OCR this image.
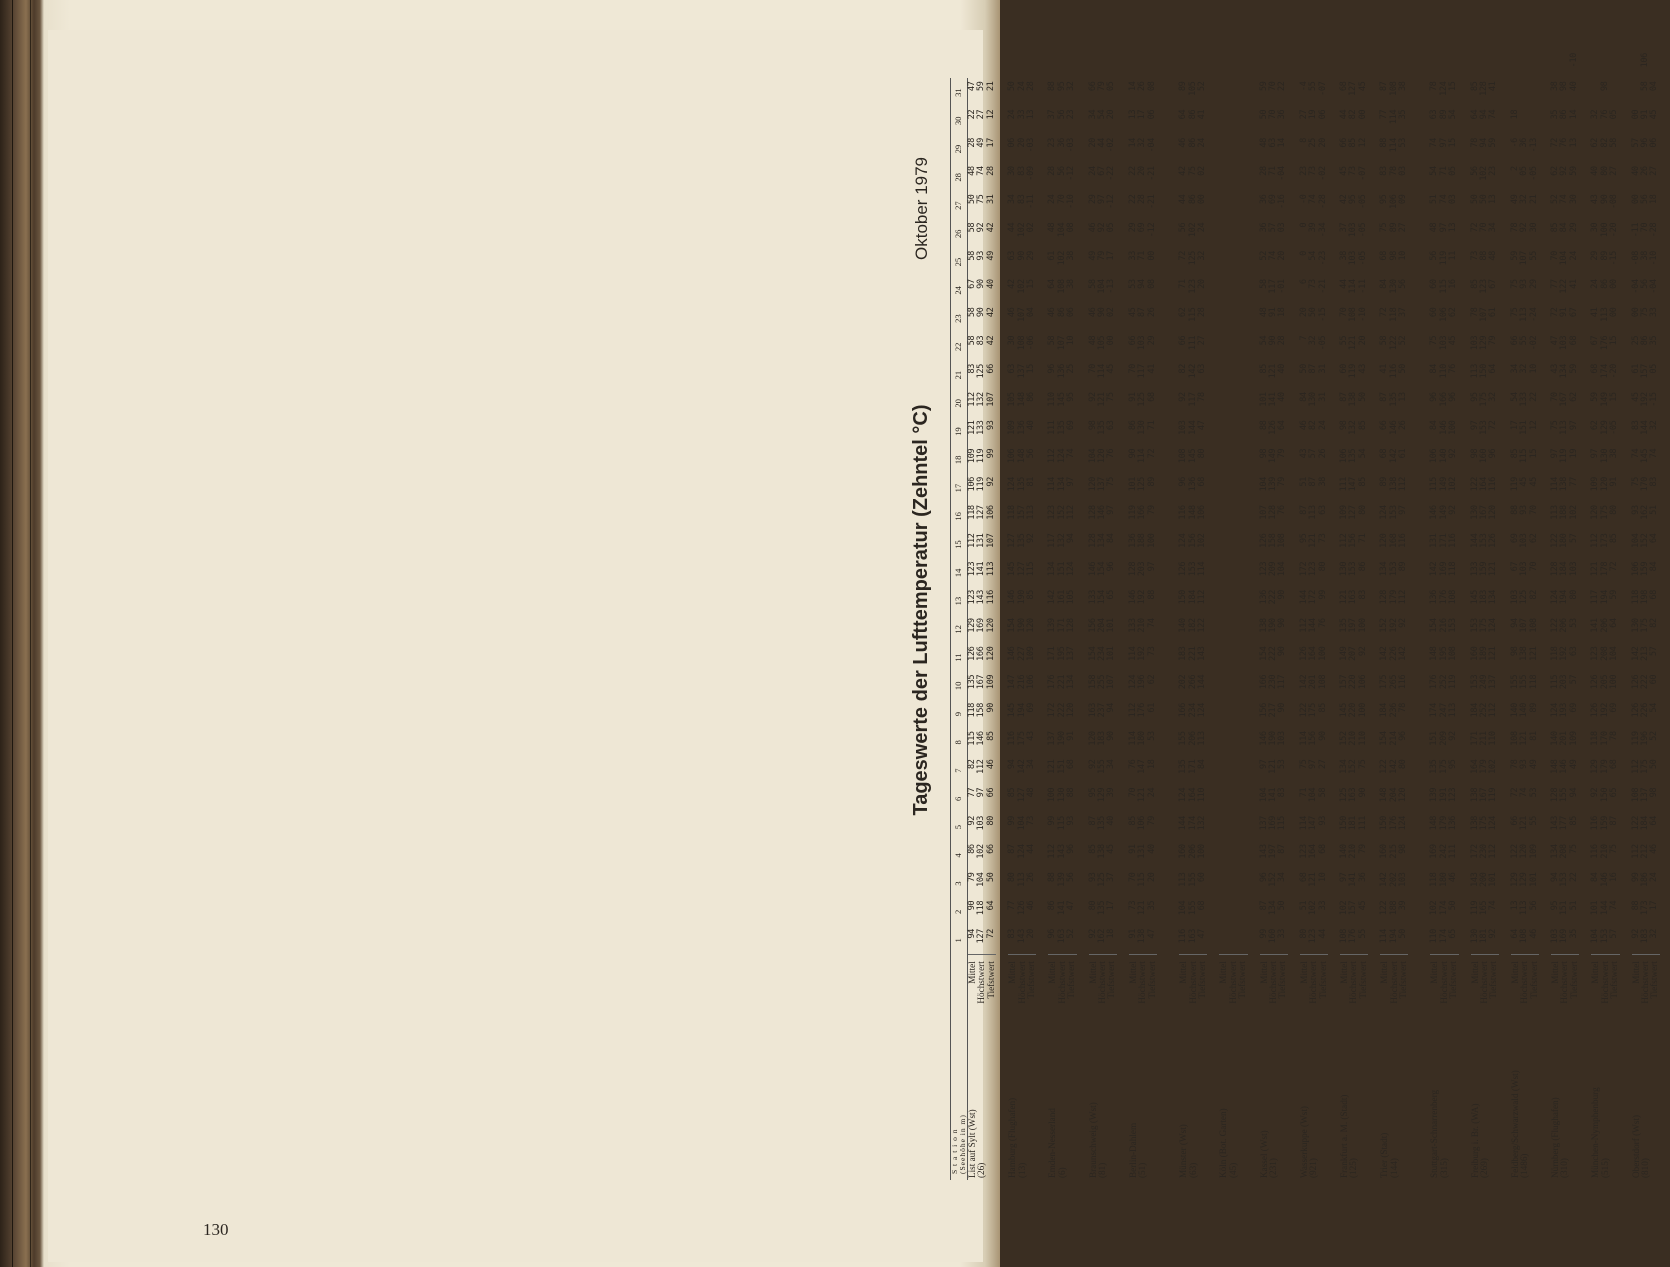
130
Tageswerte der Lufttemperatur (Zehntel °C)
Oktober 1979
S t a t i o n
(Seehöhe in m)		1	2	3	4	5	6	7	8	9	10	11	12	13	14	15	16	17	18	19	20	21	22	23	24	25	26	27	28	29	30	31	
List auf Sylt (Wst)	Mittel	94	90	79	86	92	77	82	115	118	135	126	129	123	123	112	118	106	109	121	112	83	58	58	67	58	58	50	48	28	22	47	
(26)	Höchstwert	127	118	104	102	103	97	112	146	158	167	166	169	143	141	131	127	119	119	133	132	125	83	90	90	93	92	75	74	49	27	59	
	Tiefstwert	72	64	50	66	80	66	46	85	90	109	120	120	116	113	107	106	92	99	93	107	66	42	42	40	49	42	31	28	17	12	21	

Hamburg (Flughafen)	Mittel	83	77	80	87	99	85	94	116	145	147	146	154	146	145	127	118	124	106	109	105	63	30	46	42	63	44	34	30	06	24	50	
(13)	Höchstwert	143	126	113	124	104	127	142	175	194	216	227	190	190	127	135	157	135	148	136	148	137	108	107	102	90	102	83	83	20	33	24	
	Tiefstwert	20	46	26	44	73	48	34	43	69	106	109	120	85	115	92	113	81	56	40	86	15	-06	04	15	29	02	-11	-09	-03	13	28	

Emden-Nesserland	Mittel	96	86	88	112	99	100	121	137	172	176	171	139	142	134	117	123	114	112	111	110	96	58	46	64	61	48	24	28	23	37	88	
(6)	Höchstwert	163	141	139	143	115	130	151	190	222	221	195	171	161	151	132	152	134	124	135	145	136	107	86	108	102	104	70	56	36	56	95	
	Tiefstwert	52	47	56	96	93	88	68	91	120	134	137	128	105	124	94	112	97	74	69	95	25	10	06	38	38	08	-10	-12	-03	23	32	

Braunschweig (Wst)	Mittel	92	80	93	85	87	95	92	120	163	158	154	156	133	146	128	128	120	104	98	92	70	48	46	58	49	46	29	24	20	34	66	
(81)	Höchstwert	162	135	125	138	135	129	155	183	237	255	234	204	154	154	134	146	137	120	135	121	114	105	90	104	79	92	97	67	44	54	79	
	Tiefstwert	18	17	37	45	40	39	34	90	94	107	101	101	65	96	84	97	75	76	63	75	45	00	02	-13	17	05	-12	-22	-02	20	05	

Berlin-Dahlem	Mittel	91	73	70	91	85	70	76	114	112	124	114	133	146	128	136	119	101	90	86	91	70	66	45	53	33	29	22	22	14	13	14	
(51)	Höchstwert	138	121	115	131	106	121	147	180	176	196	192	210	192	203	188	166	125	114	130	125	117	103	87	94	71	69	28	20	32	17	26	
	Tiefstwert	47	35	20	40	79	24	18	53	61	62	73	74	88	97	100	79	89	72	71	68	41	29	26	08	00	-12	-21	-21	-04	06	08	

Münster (Wst)	Mittel	116	104	113	160	144	124	135	155	166	202	183	140	150	126	124	116	96	108	103	92	82	66	62	71	72	56	44	42	46	64	89	
(63)	Höchstwert	163	155	155	206	174	164	171	206	234	266	221	182	184	153	156	148	136	145	144	117	142	111	115	123	125	102	86	75	86	86	105	
	Tiefstwert	47	68	60	100	132	110	84	113	124	144	143	122	112	114	102	106	68	80	47	78	63	27	28	20	32	24	00	02	24	41	52	

Köln (Bot. Garten)	Mittel																																
(45)	Höchstwert																																
	Tiefstwert																																

Kassel (Wst)	Mittel	99	87	96	143	137	104	97	146	156	166	154	138	136	123	126	107	104	98	88	101	85	54	48	58	52	36	36	28	48	50	59	
(231)	Höchstwert	160	134	152	197	169	141	121	190	217	230	222	190	222	209	158	128	139	149	126	141	121	90	91	117	74	57	69	71	63	70	70	
	Tiefstwert	33	50	34	87	115	83	53	103	90	117	90	90	90	104	108	76	79	79	64	40	40	28	18	-01	20	03	-16	-04	14	36	22	

Wasserkuppe (Wst)	Mittel	80	51	68	123	114	71	75	114	122	142	126	112	144	172	95	87	51	43	46	84	50	7	20	6	0	0	-0	23	8	27	-4	
(921)	Höchstwert	123	102	121	164	147	104	97	156	175	201	164	144	172	123	121	113	87	57	82	130	87	32	50	73	54	39	74	73	25	19	55	
	Tiefstwert	44	33	10	68	93	58	27	90	85	108	100	76	99	80	73	63	38	26	24	31	31	-05	-15	-21	-23	-34	-28	-02	20	06	-07	

Frankfurt a. M. (Stadt)	Mittel	108	102	97	140	150	125	134	152	145	157	149	135	121	130	112	109	111	106	98	87	60	55	70	44	38	37	42	45	66	44	68	
(125)	Höchstwert	176	157	141	210	181	163	152	210	220	220	207	197	163	153	156	127	147	135	132	138	119	121	108	114	103	103	95	73	85	82	127	
	Tiefstwert	55	45	36	79	111	90	75	110	100	106	92	100	83	86	71	80	85	54	85	50	43	20	-10	-11	-05	-05	-05	-07	12	00	45	

Trier (Stadt)	Mittel	114	122	142	160	150	148	122	154	184	175	142	152	128	134	120	124	89	68	66	87	41	58	72	84	68	75	95	83	88	77	87	
(144)	Höchstwert	194	188	202	215	176	204	142	214	236	265	226	192	179	153	168	153	138	142	146	135	116	122	118	130	98	89	106	78	114	114	108	
	Tiefstwert	50	39	103	98	124	120	80	96	78	116	142	92	112	89	116	97	112	61	26	13	50	52	37	56	10	27	09	03	53	35	38	

Stuttgart-Schnarrenberg	Mittel	110	102	118	169	148	139	135	151	174	176	148	154	136	142	131	146	115	106	84	96	84	75	60	60	56	48	51	54	74	63	78	
(315)	Höchstwert	174	174	180	242	179	191	175	209	247	252	195	216	176	169	171	149	149	140	146	166	110	103	106	115	119	97	74	71	97	89	124	
	Tiefstwert	65	50	46	111	136	123	95	92	113	119	108	153	108	118	116	92	102	92	100	96	76	45	62	16	11	13	03	05	15	54	15	

Freiburg i. Br. (WA)	Mittel	130	119	143	172	138	138	164	171	184	153	160	153	145	133	144	130	122	98	97	95	113	103	78	85	73	72	50	56	78	64	85	
(269)	Höchstwert	181	165	200	230	175	167	179	211	252	249	189	175	183	159	153	167	164	160	153	175	150	129	107	123	88	70	50	102	94	94	128	
	Tiefstwert	92	74	101	112	124	119	102	110	112	137	121	124	134	121	126	120	116	96	72	32	64	79	61	67	48	34	13	23	59	74	41	

Feldberg/Schwarzwald (Wst)	Mittel	64	13	129	122	66	72	78	108	140	155	98	94	103	67	69	88	119	85	17	54	34	66	75	75	59	78	49	2	-6	18		
(1486)	Höchstwert	108	113	129	120	121	74	93	121	140	155	138	107	125	103	103	93	45	115	151	133	32	55	113	93	107	92	32	05	36			
	Tiefstwert	46	56	101	109	55	53	49	81	89	118	121	108	82	70	62	70	45	15	12	22	10	-02	-24	29	55	30	21	-05	-13			

Nürnberg (Flughafen)	Mittel	103	95	94	134	143	128	148	140	124	115	118	122	124	128	122	113	114	97	75	70	43	47	72	77	70	85	52	62	72	35	38	
(310)	Höchstwert	169	151	153	208	177	155	146	201	193	203	192	206	194	184	180	188	138	119	113	167	134	103	91	122	104	84	74	92	76	86	98	
	Tiefstwert	35	51	22	75	85	94	49	109	69	57	63	53	80	103	57	102	77	19	97	62	59	68	67	41	24	29	30	59	13	14	40	-10

München-Nymphenburg	Mittel	104	101	84	116	116	92	129	118	126	126	123	141	117	121	112	120	109	97	62	59	68	67	41	24	29	30	43	40	62	32		
(515)	Höchstwert	153	144	146	210	159	150	179	170	192	205	208	206	194	178	173	175	120	130	129	149	174	176	113	86	89	100	90	80	82	76	98	
	Tiefstwert	57	74	16	75	87	65	68	78	69	100	104	64	59	72	85	80	91	38	-05	15	-20	15	00	00	-15	-20	-08	27	58	05		

Oberstdorf (Wst)	Mittel	92	88	99	112	122	108	112	119	126	126	142	130	118	106	104	93	75	74	83	45	61	25	00	-04	-08	-11	00	40	57	00		
(810)	Höchstwert	183	173	186	212	184	137	175	196	226	222	213	175	198	159	152	162	170	145	144	192	157	86	75	56	38	70	56	26	96	91	58	106
	Tiefstwert	32	17	24	46	64	98	50	52	54	60	57	82	68	84	64	51	83	74	32	-15	05	35	33	-04	-10	-28	18	27	06	45	04	
